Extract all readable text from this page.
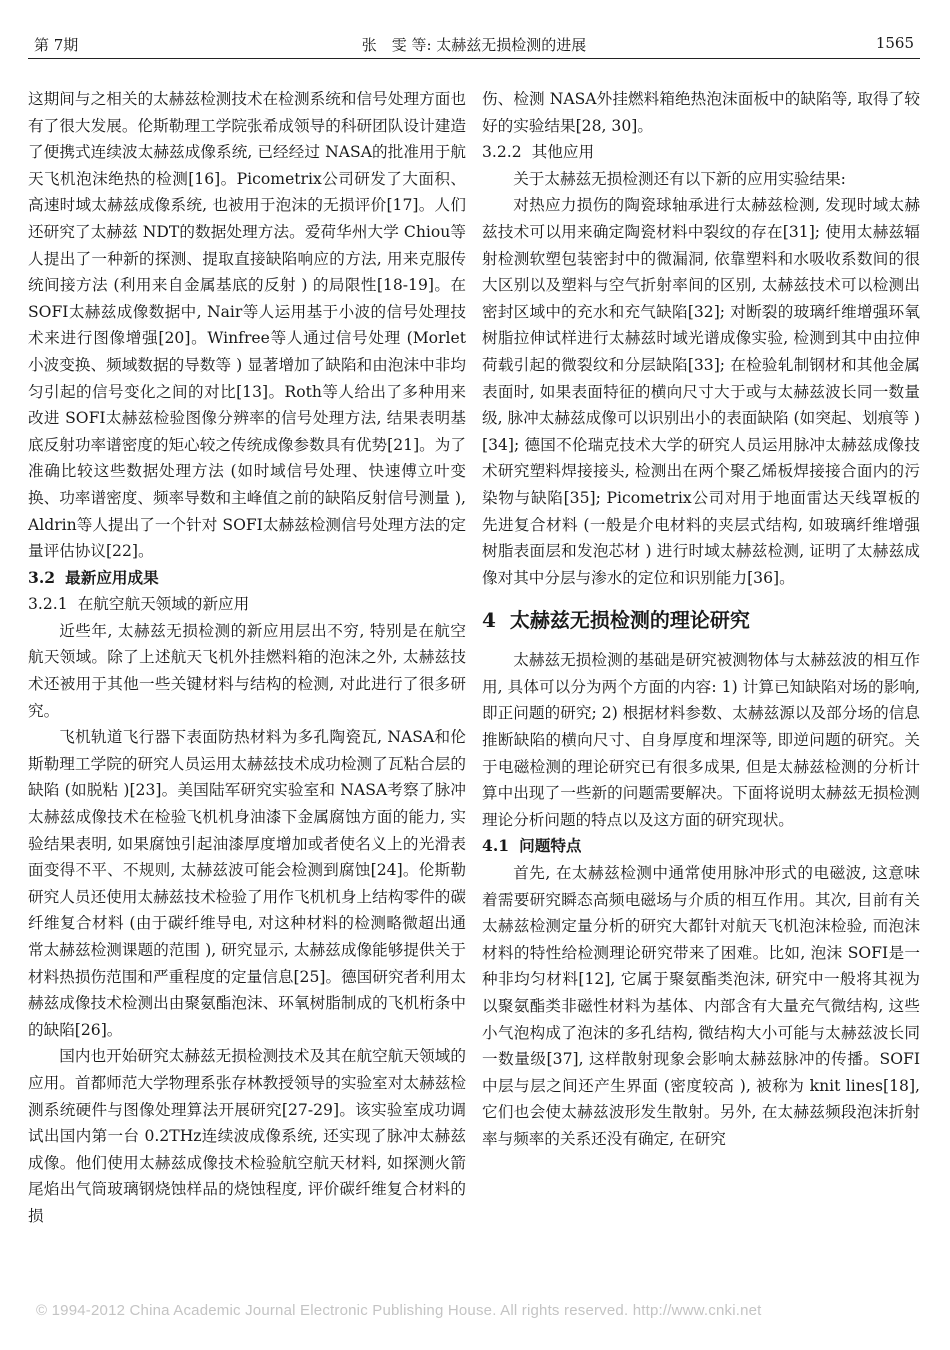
第 7期	张　雯 等: 太赫兹无损检测的进展	1565

这期间与之相关的太赫兹检测技术在检测系统和信号处理方面也有了很大发展。伦斯勒理工学院张希成领导的科研团队设计建造了便携式连续波太赫兹成像系统, 已经经过 NASA的批准用于航天飞机泡沫绝热的检测[16]。Picometrix公司研发了大面积、高速时域太赫兹成像系统, 也被用于泡沫的无损评价[17]。人们还研究了太赫兹 NDT的数据处理方法。爱荷华州大学 Chiou等人提出了一种新的探测、提取直接缺陷响应的方法, 用来克服传统间接方法 (利用来自金属基底的反射 ) 的局限性[18-19]。在 SOFI太赫兹成像数据中, Nair等人运用基于小波的信号处理技术来进行图像增强[20]。Winfree等人通过信号处理 (Morlet小波变换、频域数据的导数等 ) 显著增加了缺陷和由泡沫中非均匀引起的信号变化之间的对比[13]。Roth等人给出了多种用来改进 SOFI太赫兹检验图像分辨率的信号处理方法, 结果表明基底反射功率谱密度的矩心较之传统成像参数具有优势[21]。为了准确比较这些数据处理方法 (如时域信号处理、快速傅立叶变换、功率谱密度、频率导数和主峰值之前的缺陷反射信号测量 ), Aldrin等人提出了一个针对 SOFI太赫兹检测信号处理方法的定量评估协议[22]。

3.2 最新应用成果
3.2.1 在航空航天领域的新应用

近些年, 太赫兹无损检测的新应用层出不穷, 特别是在航空航天领域。除了上述航天飞机外挂燃料箱的泡沫之外, 太赫兹技术还被用于其他一些关键材料与结构的检测, 对此进行了很多研究。

飞机轨道飞行器下表面防热材料为多孔陶瓷瓦, NASA和伦斯勒理工学院的研究人员运用太赫兹技术成功检测了瓦粘合层的缺陷 (如脱粘 )[23]。美国陆军研究实验室和 NASA考察了脉冲太赫兹成像技术在检验飞机机身油漆下金属腐蚀方面的能力, 实验结果表明, 如果腐蚀引起油漆厚度增加或者使名义上的光滑表面变得不平、不规则, 太赫兹波可能会检测到腐蚀[24]。伦斯勒研究人员还使用太赫兹技术检验了用作飞机机身上结构零件的碳纤维复合材料 (由于碳纤维导电, 对这种材料的检测略微超出通常太赫兹检测课题的范围 ), 研究显示, 太赫兹成像能够提供关于材料热损伤范围和严重程度的定量信息[25]。德国研究者利用太赫兹成像技术检测出由聚氨酯泡沫、环氧树脂制成的飞机桁条中的缺陷[26]。

国内也开始研究太赫兹无损检测技术及其在航空航天领域的应用。首都师范大学物理系张存林教授领导的实验室对太赫兹检测系统硬件与图像处理算法开展研究[27-29]。该实验室成功调试出国内第一台 0.2THz连续波成像系统, 还实现了脉冲太赫兹成像。他们使用太赫兹成像技术检验航空航天材料, 如探测火箭尾焰出气筒玻璃钢烧蚀样品的烧蚀程度, 评价碳纤维复合材料的损

伤、检测 NASA外挂燃料箱绝热泡沫面板中的缺陷等, 取得了较好的实验结果[28, 30]。

3.2.2 其他应用

关于太赫兹无损检测还有以下新的应用实验结果:

对热应力损伤的陶瓷球轴承进行太赫兹检测, 发现时域太赫兹技术可以用来确定陶瓷材料中裂纹的存在[31]; 使用太赫兹辐射检测软塑包装密封中的微漏洞, 依靠塑料和水吸收系数间的很大区别以及塑料与空气折射率间的区别, 太赫兹技术可以检测出密封区域中的充水和充气缺陷[32]; 对断裂的玻璃纤维增强环氧树脂拉伸试样进行太赫兹时域光谱成像实验, 检测到其中由拉伸荷载引起的微裂纹和分层缺陷[33]; 在检验轧制钢材和其他金属表面时, 如果表面特征的横向尺寸大于或与太赫兹波长同一数量级, 脉冲太赫兹成像可以识别出小的表面缺陷 (如突起、划痕等 )[34]; 德国不伦瑞克技术大学的研究人员运用脉冲太赫兹成像技术研究塑料焊接接头, 检测出在两个聚乙烯板焊接接合面内的污染物与缺陷[35]; Picometrix公司对用于地面雷达天线罩板的先进复合材料 (一般是介电材料的夹层式结构, 如玻璃纤维增强树脂表面层和发泡芯材 ) 进行时域太赫兹检测, 证明了太赫兹成像对其中分层与渗水的定位和识别能力[36]。

4 太赫兹无损检测的理论研究

太赫兹无损检测的基础是研究被测物体与太赫兹波的相互作用, 具体可以分为两个方面的内容: 1) 计算已知缺陷对场的影响, 即正问题的研究; 2) 根据材料参数、太赫兹源以及部分场的信息推断缺陷的横向尺寸、自身厚度和埋深等, 即逆问题的研究。关于电磁检测的理论研究已有很多成果, 但是太赫兹检测的分析计算中出现了一些新的问题需要解决。下面将说明太赫兹无损检测理论分析问题的特点以及这方面的研究现状。

4.1 问题特点

首先, 在太赫兹检测中通常使用脉冲形式的电磁波, 这意味着需要研究瞬态高频电磁场与介质的相互作用。其次, 目前有关太赫兹检测定量分析的研究大都针对航天飞机泡沫检验, 而泡沫材料的特性给检测理论研究带来了困难。比如, 泡沫 SOFI是一种非均匀材料[12], 它属于聚氨酯类泡沫, 研究中一般将其视为以聚氨酯类非磁性材料为基体、内部含有大量充气微结构, 这些小气泡构成了泡沫的多孔结构, 微结构大小可能与太赫兹波长同一数量级[37], 这样散射现象会影响太赫兹脉冲的传播。SOFI中层与层之间还产生界面 (密度较高 ), 被称为 knit lines[18], 它们也会使太赫兹波形发生散射。另外, 在太赫兹频段泡沫折射率与频率的关系还没有确定, 在研究

© 1994-2012 China Academic Journal Electronic Publishing House. All rights reserved. http://www.cnki.net
